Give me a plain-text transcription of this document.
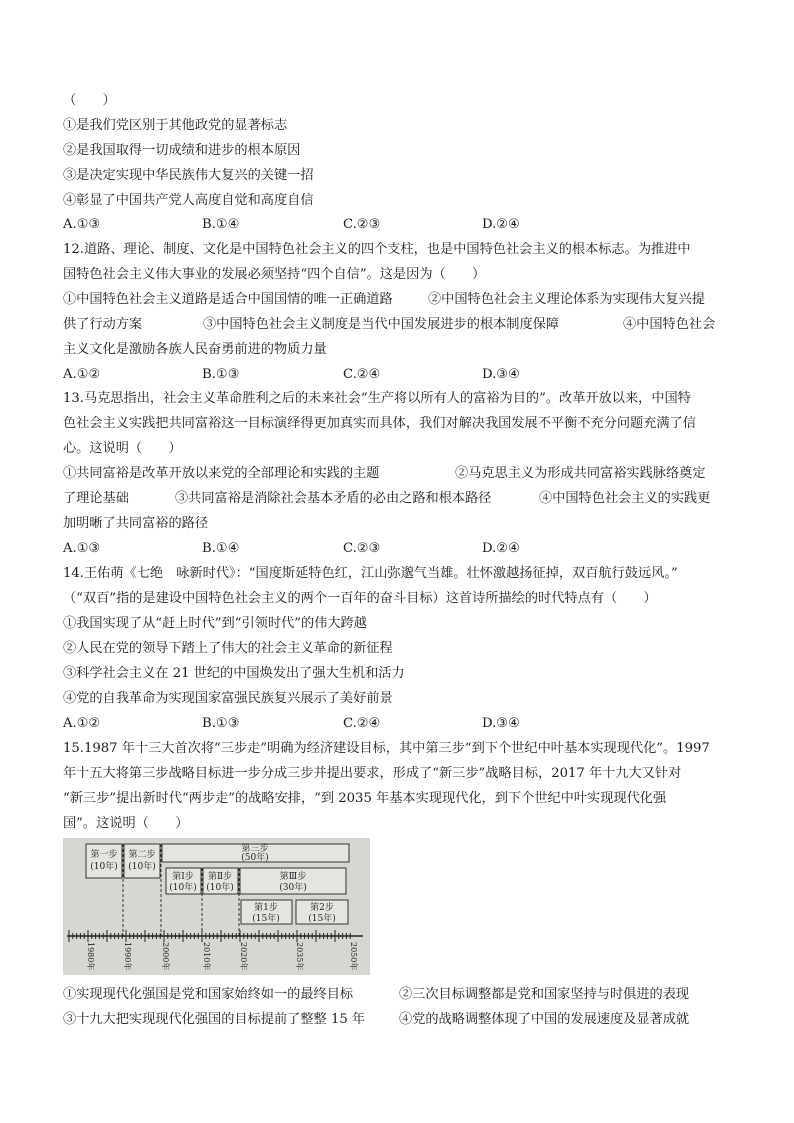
（　　）
①是我们党区别于其他政党的显著标志
②是我国取得一切成绩和进步的根本原因
③是决定实现中华民族伟大复兴的关键一招
④彰显了中国共产党人高度自觉和高度自信
A.①③	B.①④	C.②③	D.②④
12.道路、理论、制度、文化是中国特色社会主义的四个支柱，也是中国特色社会主义的根本标志。为推进中
国特色社会主义伟大事业的发展必须坚持“四个自信”。这是因为（　　）
①中国特色社会主义道路是适合中国国情的唯一正确道路	②中国特色社会主义理论体系为实现伟大复兴提
供了行动方案	③中国特色社会主义制度是当代中国发展进步的根本制度保障	④中国特色社会
主义文化是激励各族人民奋勇前进的物质力量
A.①②	B.①③	C.②④	D.③④
13.马克思指出，社会主义革命胜利之后的未来社会“生产将以所有人的富裕为目的”。改革开放以来，中国特
色社会主义实践把共同富裕这一目标演绎得更加真实而具体，我们对解决我国发展不平衡不充分问题充满了信
心。这说明（　　）
①共同富裕是改革开放以来党的全部理论和实践的主题	②马克思主义为形成共同富裕实践脉络奠定
了理论基础	③共同富裕是消除社会基本矛盾的必由之路和根本路径	④中国特色社会主义的实践更
加明晰了共同富裕的路径
A.①③	B.①④	C.②③	D.②④
14.王佑萌《七绝　咏新时代》：“国度斯延特色红，江山弥邈气当雄。壮怀激越扬征掉，双百航行鼓远风。”
（“双百”指的是建设中国特色社会主义的两个一百年的奋斗目标）这首诗所描绘的时代特点有（　　）
①我国实现了从“赶上时代”到“引领时代”的伟大跨越
②人民在党的领导下踏上了伟大的社会主义革命的新征程
③科学社会主义在 21 世纪的中国焕发出了强大生机和活力
④党的自我革命为实现国家富强民族复兴展示了美好前景
A.①②	B.①③	C.②④	D.③④
15.1987 年十三大首次将“三步走”明确为经济建设目标，其中第三步“到下个世纪中叶基本实现现代化”。1997
年十五大将第三步战略目标进一步分成三步并提出要求，形成了“新三步”战略目标，2017 年十九大又针对
“新三步”提出新时代“两步走”的战略安排，“到 2035 年基本实现现代化，到下个世纪中叶实现现代化强
国”。这说明（　　）
第一步
(10年)
第二步
(10年)
第三步
(50年)
第Ⅰ步
(10年)
第Ⅱ步
(10年)
第Ⅲ步
(30年)
第1步
(15年)
第2步
(15年)
1980年	1990年	2000年	2010年	2020年	2035年	2050年
①实现现代化强国是党和国家始终如一的最终目标	②三次目标调整都是党和国家坚持与时俱进的表现
③十九大把实现现代化强国的目标提前了整整 15 年	④党的战略调整体现了中国的发展速度及显著成就
